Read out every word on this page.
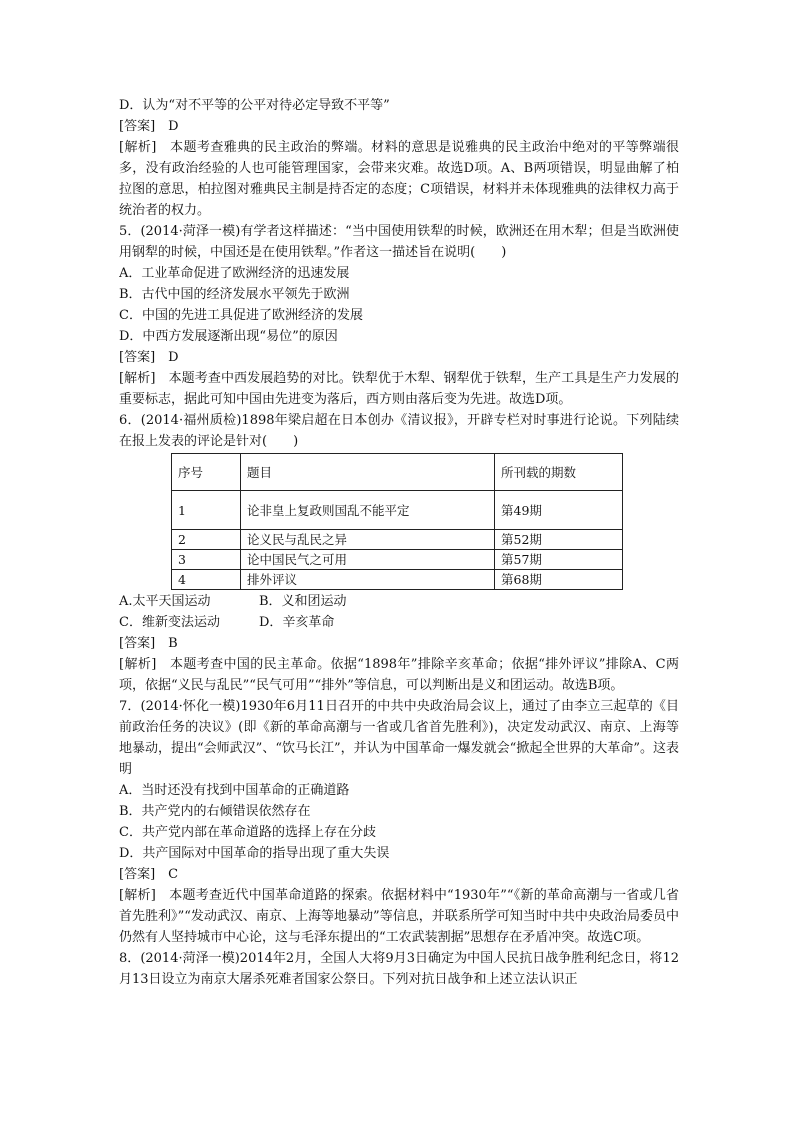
D．认为“对不平等的公平对待必定导致不平等”
[答案]　D
[解析]　本题考查雅典的民主政治的弊端。材料的意思是说雅典的民主政治中绝对的平等弊端很多，没有政治经验的人也可能管理国家，会带来灾难。故选D项。A、B两项错误，明显曲解了柏拉图的意思，柏拉图对雅典民主制是持否定的态度；C项错误，材料并未体现雅典的法律权力高于统治者的权力。
5．(2014·菏泽一模)有学者这样描述：“当中国使用铁犁的时候，欧洲还在用木犁；但是当欧洲使用钢犁的时候，中国还是在使用铁犁。”作者这一描述旨在说明(　　)
A．工业革命促进了欧洲经济的迅速发展
B．古代中国的经济发展水平领先于欧洲
C．中国的先进工具促进了欧洲经济的发展
D．中西方发展逐渐出现“易位”的原因
[答案]　D
[解析]　本题考查中西发展趋势的对比。铁犁优于木犁、钢犁优于铁犁，生产工具是生产力发展的重要标志，据此可知中国由先进变为落后，西方则由落后变为先进。故选D项。
6．(2014·福州质检)1898年梁启超在日本创办《清议报》，开辟专栏对时事进行论说。下列陆续在报上发表的评论是针对(　　)
序号	题目	所刊载的期数
1	论非皇上复政则国乱不能平定	第49期
2	论义民与乱民之异	第52期
3	论中国民气之可用	第57期
4	排外评议	第68期
A.太平天国运动	B．义和团运动
C．维新变法运动	D．辛亥革命
[答案]　B
[解析]　本题考查中国的民主革命。依据“1898年”排除辛亥革命；依据“排外评议”排除A、C两项，依据“义民与乱民”“民气可用”“排外”等信息，可以判断出是义和团运动。故选B项。
7．(2014·怀化一模)1930年6月11日召开的中共中央政治局会议上，通过了由李立三起草的《目前政治任务的决议》(即《新的革命高潮与一省或几省首先胜利》)，决定发动武汉、南京、上海等地暴动，提出“会师武汉”、“饮马长江”，并认为中国革命一爆发就会“掀起全世界的大革命”。这表明
A．当时还没有找到中国革命的正确道路
B．共产党内的右倾错误依然存在
C．共产党内部在革命道路的选择上存在分歧
D．共产国际对中国革命的指导出现了重大失误
[答案]　C
[解析]　本题考查近代中国革命道路的探索。依据材料中“1930年”“《新的革命高潮与一省或几省首先胜利》”“发动武汉、南京、上海等地暴动”等信息，并联系所学可知当时中共中央政治局委员中仍然有人坚持城市中心论，这与毛泽东提出的“工农武装割据”思想存在矛盾冲突。故选C项。
8．(2014·菏泽一模)2014年2月，全国人大将9月3日确定为中国人民抗日战争胜利纪念日，将12月13日设立为南京大屠杀死难者国家公祭日。下列对抗日战争和上述立法认识正
